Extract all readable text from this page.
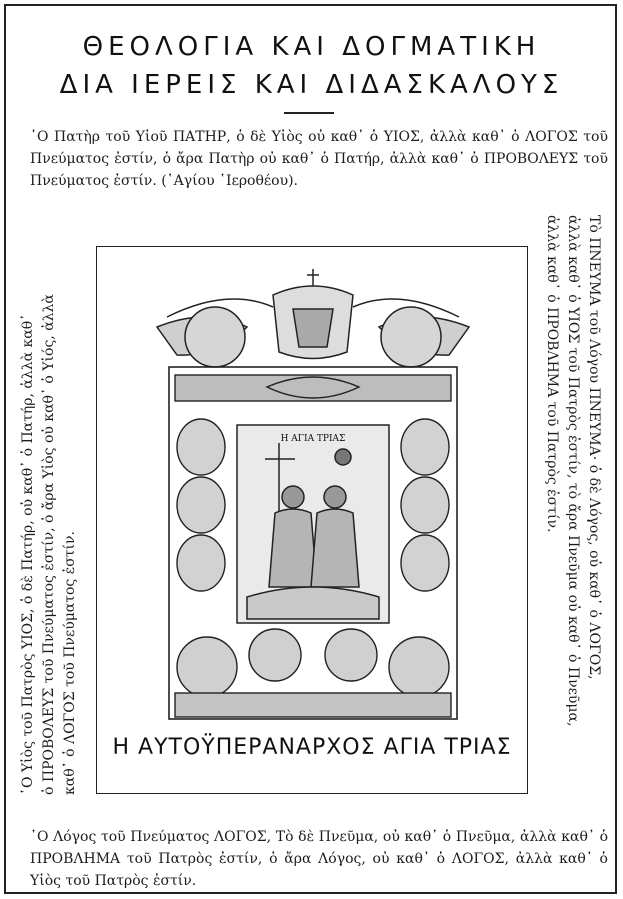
ΘΕΟΛΟΓΙΑ ΚΑΙ ΔΟΓΜΑΤΙΚΗ
ΔΙΑ ΙΕΡΕΙΣ ΚΑΙ ΔΙΔΑΣΚΑΛΟΥΣ
῾Ο Πατὴρ τοῦ Υἱοῦ ΠΑΤΗΡ, ὁ δὲ Υἱὸς οὐ καθ᾽ ὁ ΥΙΟΣ, ἀλλὰ καθ᾽ ὁ ΛΟΓΟΣ τοῦ Πνεύματος ἐστίν, ὁ ἄρα Πατὴρ οὐ καθ᾽ ὁ Πατήρ, ἀλλὰ καθ᾽ ὁ ΠΡΟΒΟΛΕΥΣ τοῦ Πνεύματος ἐστίν. (῾Αγίου ῾Ιεροθέου).
῾Ο Υἱὸς τοῦ Πατρὸς ΥΙΟΣ, ὁ δὲ Πατήρ, οὐ καθ᾽ ὁ Πατήρ, ἀλλὰ καθ᾽ ὁ ΠΡΟΒΟΛΕΥΣ τοῦ Πνεύματος ἐστίν, ὁ ἄρα Υἱὸς οὐ καθ᾽ ὁ Υἱός, ἀλλὰ καθ᾽ ὁ ΛΟΓΟΣ τοῦ Πνεύματος ἐστίν.	Τὸ ΠΝΕΥΜΑ τοῦ Λόγου ΠΝΕΥΜΑ· ὁ δὲ Λόγος, οὐ καθ᾽ ὁ ΛΟΓΟΣ,
ἀλλὰ καθ᾽ ὁ ΥΙΟΣ τοῦ Πατρὸς ἐστίν, τὸ ἄρα Πνεῦμα οὐ καθ᾽ ὁ Πνεῦμα,
ἀλλὰ καθ᾽ ὁ ΠΡΟΒΛΗΜΑ τοῦ Πατρὸς ἐστίν.
Η ΑΓΙΑ ΤΡΙΑΣ
Η ΑΥΤΟΫΠΕΡΑΝΑΡΧΟΣ ΑΓΙΑ ΤΡΙΑΣ
῾Ο Λόγος τοῦ Πνεύματος ΛΟΓΟΣ, Τὸ δὲ Πνεῦμα, οὐ καθ᾽ ὁ Πνεῦμα, ἀλλὰ καθ᾽ ὁ ΠΡΟΒΛΗΜΑ τοῦ Πατρὸς ἐστίν, ὁ ἄρα Λόγος, οὐ καθ᾽ ὁ ΛΟΓΟΣ, ἀλλὰ καθ᾽ ὁ Υἱὸς τοῦ Πατρὸς ἐστίν.
